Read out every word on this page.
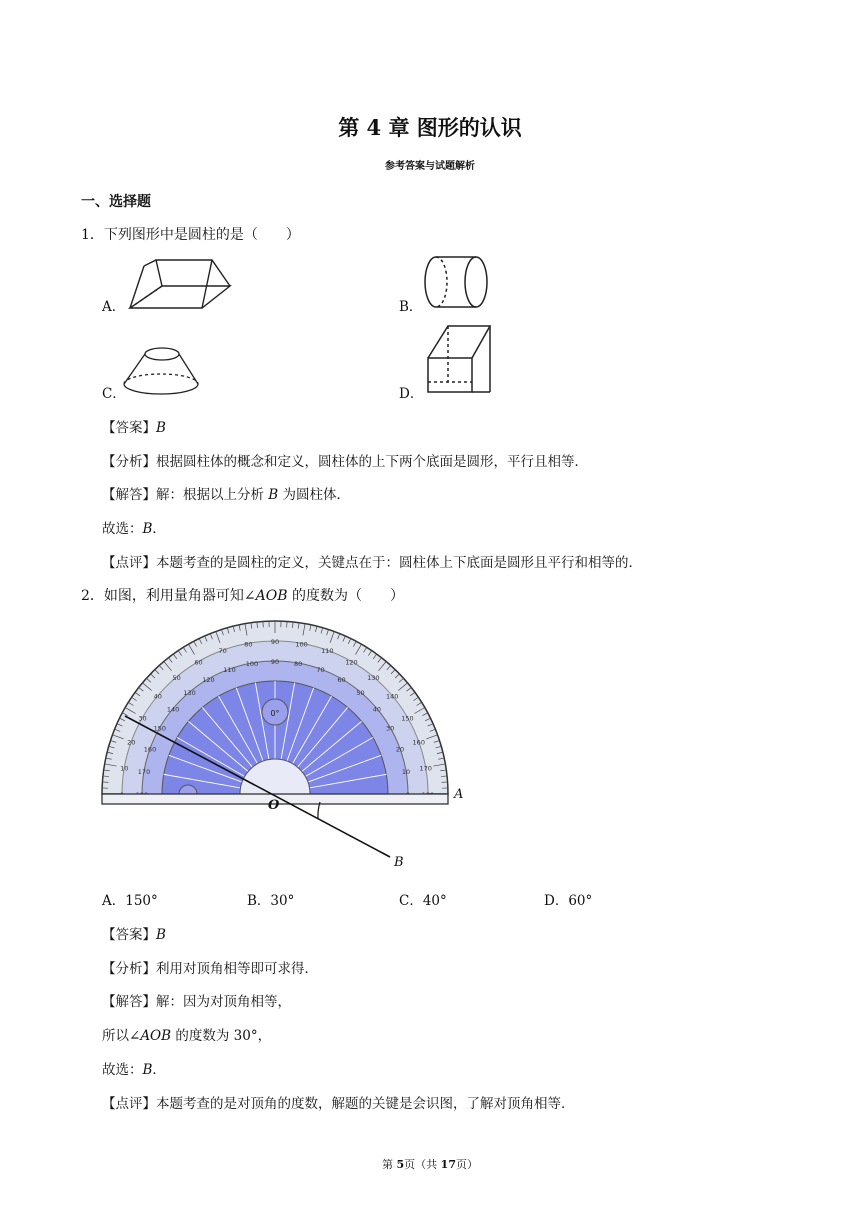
第 4 章 图形的认识
参考答案与试题解析
一、选择题
1．下列图形中是圆柱的是（　　）
A．	B．
C．	D．
【答案】B
【分析】根据圆柱体的概念和定义，圆柱体的上下两个底面是圆形，平行且相等．
【解答】解：根据以上分析 B 为圆柱体．
故选：B．
【点评】本题考查的是圆柱的定义，关键点在于：圆柱体上下底面是圆形且平行和相等的．
2．如图，利用量角器可知∠AOB 的度数为（　　）
10
20
30
40
50
60
70
80	90 100
110
120
130
140
150
160
170
170
160
150
140
130
120
110
100 90 80
70
60
50
40
30
20
10
0°
O
A
B
A．150°	B．30°	C．40°	D．60°
【答案】B
【分析】利用对顶角相等即可求得．
【解答】解：因为对顶角相等，
所以∠AOB 的度数为 30°，
故选：B．
【点评】本题考查的是对顶角的度数，解题的关键是会识图，了解对顶角相等．
第 5页（共 17页）
